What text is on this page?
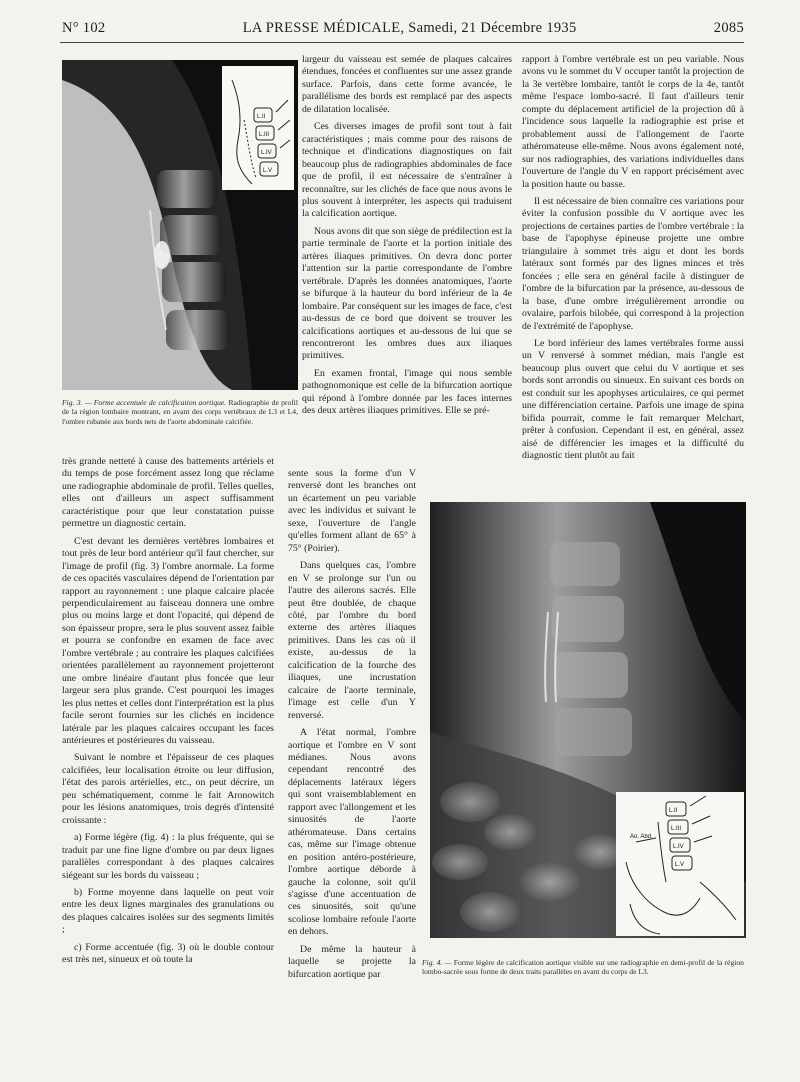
N° 102	LA PRESSE MÉDICALE, Samedi, 21 Décembre 1935	2085
L.II
L.III
L.IV
L.V
Fig. 3. — Forme accentuée de calcification aortique. Radiographie de profil de la région lombaire montrant, en avant des corps vertébraux de L3 et L4, l'ombre rubanée aux bords nets de l'aorte abdominale calcifiée.

très grande netteté à cause des battements artériels et du temps de pose forcément assez long que réclame une radiographie abdominale de profil. Telles quelles, elles ont d'ailleurs un aspect suffisamment caractéristique pour que leur constatation puisse permettre un diagnostic certain.

C'est devant les dernières vertèbres lombaires et tout près de leur bord antérieur qu'il faut chercher, sur l'image de profil (fig. 3) l'ombre anormale. La forme de ces opacités vasculaires dépend de l'orientation par rapport au rayonnement : une plaque calcaire placée perpendiculairement au faisceau donnera une ombre plus ou moins large et dont l'opacité, qui dépend de son épaisseur propre, sera le plus souvent assez faible et pourra se confondre en examen de face avec l'ombre vertébrale ; au contraire les plaques calcifiées orientées parallèlement au rayonnement projetteront une ombre linéaire d'autant plus foncée que leur largeur sera plus grande. C'est pourquoi les images les plus nettes et celles dont l'interprétation est la plus facile seront fournies sur les clichés en incidence latérale par les plaques calcaires occupant les faces antérieures et postérieures du vaisseau.

Suivant le nombre et l'épaisseur de ces plaques calcifiées, leur localisation étroite ou leur diffusion, l'état des parois artérielles, etc., on peut décrire, un peu schématiquement, comme le fait Aronowitch pour les lésions anatomiques, trois degrés d'intensité croissante :

a) Forme légère (fig. 4) : la plus fréquente, qui se traduit par une fine ligne d'ombre ou par deux lignes parallèles correspondant à des plaques calcaires siégeant sur les bords du vaisseau ;

b) Forme moyenne dans laquelle on peut voir entre les deux lignes marginales des granulations ou des plaques calcaires isolées sur des segments limités ;

c) Forme accentuée (fig. 3) où le double contour est très net, sinueux et où toute la

largeur du vaisseau est semée de plaques calcaires étendues, foncées et confluentes sur une assez grande surface. Parfois, dans cette forme avancée, le parallélisme des bords est remplacé par des aspects de dilatation localisée.

Ces diverses images de profil sont tout à fait caractéristiques ; mais comme pour des raisons de technique et d'indications diagnostiques on fait beaucoup plus de radiographies abdominales de face que de profil, il est nécessaire de s'entraîner à reconnaître, sur les clichés de face que nous avons le plus souvent à interpréter, les aspects qui traduisent la calcification aortique.

Nous avons dit que son siège de prédilection est la partie terminale de l'aorte et la portion initiale des artères iliaques primitives. On devra donc porter l'attention sur la partie correspondante de l'ombre vertébrale. D'après les données anatomiques, l'aorte se bifurque à la hauteur du bord inférieur de la 4e lombaire. Par conséquent sur les images de face, c'est au-dessus de ce bord que doivent se trouver les calcifications aortiques et au-dessous de lui que se rencontreront les ombres dues aux iliaques primitives.

En examen frontal, l'image qui nous semble pathognomonique est celle de la bifurcation aortique qui répond à l'ombre donnée par les faces internes des deux artères iliaques primitives. Elle se pré-

sente sous la forme d'un V renversé dont les branches ont un écartement un peu variable avec les individus et suivant le sexe, l'ouverture de l'angle qu'elles forment allant de 65° à 75° (Poirier).

Dans quelques cas, l'ombre en V se prolonge sur l'un ou l'autre des ailerons sacrés. Elle peut être doublée, de chaque côté, par l'ombre du bord externe des artères iliaques primitives. Dans les cas où il existe, au-dessus de la calcification de la fourche des iliaques, une incrustation calcaire de l'aorte terminale, l'image est celle d'un Y renversé.

A l'état normal, l'ombre aortique et l'ombre en V sont médianes. Nous avons cependant rencontré des déplacements latéraux légers qui sont vraisemblablement en rapport avec l'allongement et les sinuosités de l'aorte athéromateuse. Dans certains cas, même sur l'image obtenue en position antéro-postérieure, l'ombre aortique déborde à gauche la colonne, soit qu'il s'agisse d'une accentuation de ces sinuosités, soit qu'une scoliose lombaire refoule l'aorte en dehors.

De même la hauteur à laquelle se projette la bifurcation aortique par

rapport à l'ombre vertébrale est un peu variable. Nous avons vu le sommet du V occuper tantôt la projection de la 3e vertèbre lombaire, tantôt le corps de la 4e, tantôt même l'espace lombo-sacré. Il faut d'ailleurs tenir compte du déplacement artificiel de la projection dû à l'incidence sous laquelle la radiographie est prise et probablement aussi de l'allongement de l'aorte athéromateuse elle-même. Nous avons également noté, sur nos radiographies, des variations individuelles dans l'ouverture de l'angle du V en rapport précisément avec la position haute ou basse.

Il est nécessaire de bien connaître ces variations pour éviter la confusion possible du V aortique avec les projections de certaines parties de l'ombre vertébrale : la base de l'apophyse épineuse projette une ombre triangulaire à sommet très aigu et dont les bords latéraux sont formés par des lignes minces et très foncées ; elle sera en général facile à distinguer de l'ombre de la bifurcation par la présence, au-dessous de la base, d'une ombre irrégulièrement arrondie ou ovalaire, parfois bilobée, qui correspond à la projection de l'extrémité de l'apophyse.

Le bord inférieur des lames vertébrales forme aussi un V renversé à sommet médian, mais l'angle est beaucoup plus ouvert que celui du V aortique et ses bords sont arrondis ou sinueux. En suivant ces bords on est conduit sur les apophyses articulaires, ce qui permet une différenciation certaine. Parfois une image de spina bifida pourrait, comme le fait remarquer Melchart, prêter à confusion. Cependant il est, en général, assez aisé de différencier les images et la difficulté du diagnostic tient plutôt au fait

L.II
L.III
L.IV
L.V
Ao. Abd.
Fig. 4. — Forme légère de calcification aortique visible sur une radiographie en demi-profil de la région lombo-sacrée sous forme de deux traits parallèles en avant du corps de L3.
